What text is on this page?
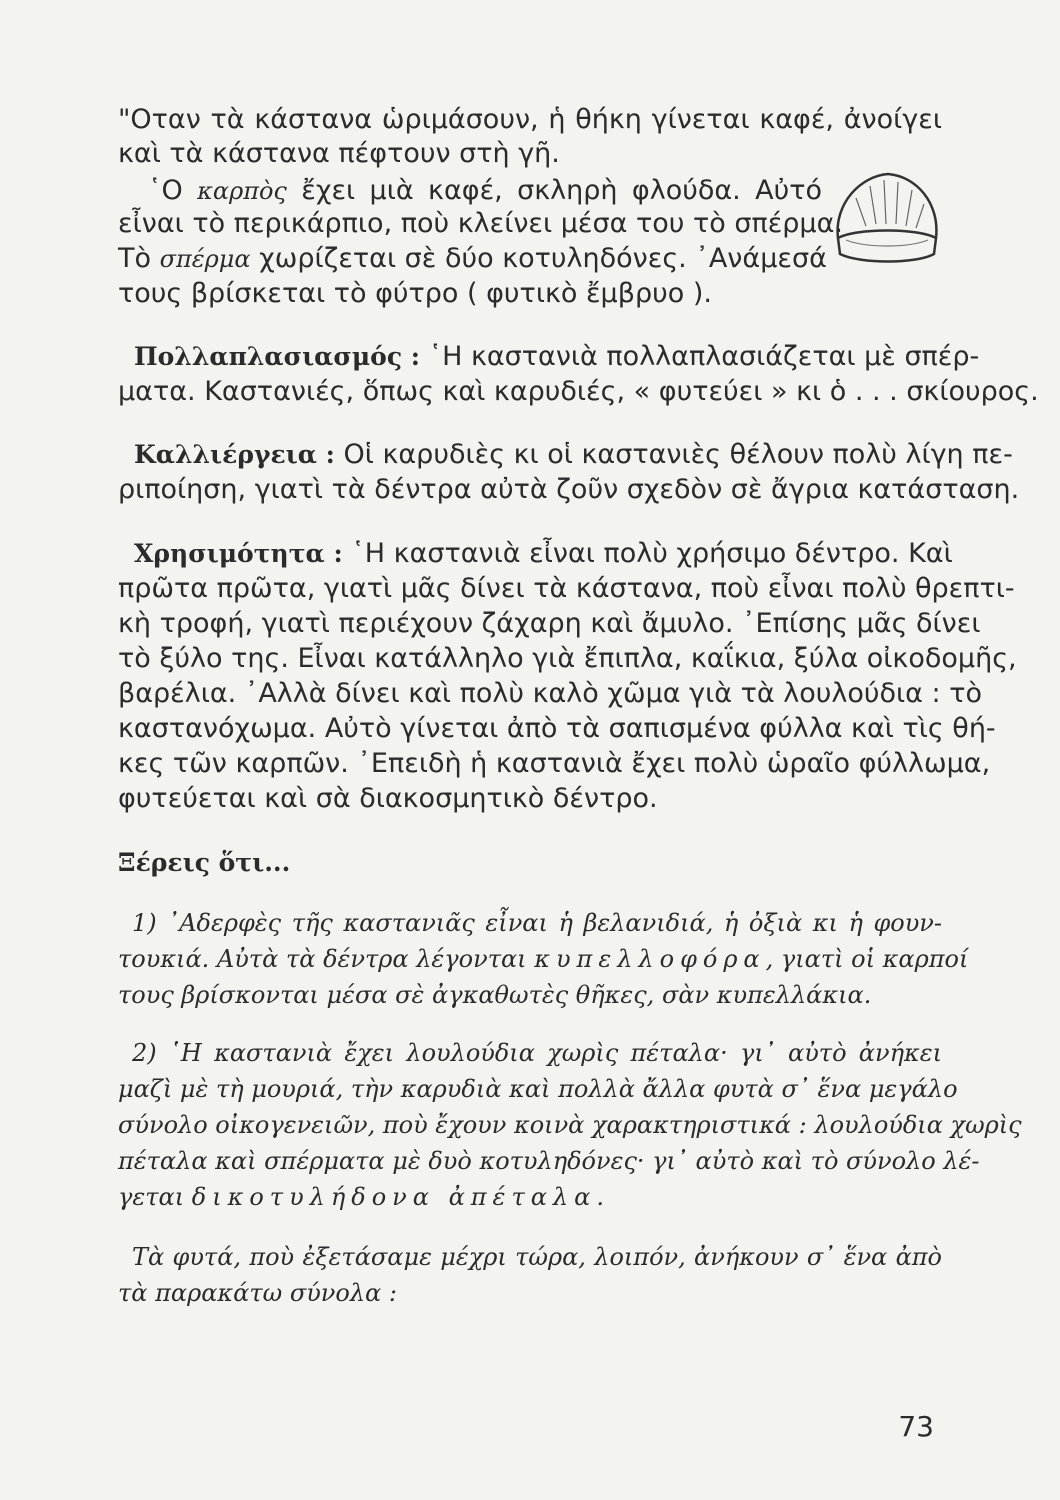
"Οταν τὰ κάστανα ὡριμάσουν, ἡ θήκη γίνεται καφέ, ἀνοίγει
καὶ τὰ κάστανα πέφτουν στὴ γῆ.
῾Ο καρπὸς ἔχει μιὰ καφέ, σκληρὴ φλούδα. Αὐτό
εἶναι τὸ περικάρπιο, ποὺ κλείνει μέσα του τὸ σπέρμα.
Τὸ σπέρμα χωρίζεται σὲ δύο κοτυληδόνες. ᾿Ανάμεσά
τους βρίσκεται τὸ φύτρο ( φυτικὸ ἔμβρυο ).
Πολλαπλασιασμός : ῾Η καστανιὰ πολλαπλασιάζεται μὲ σπέρ-
ματα. Καστανιές, ὅπως καὶ καρυδιές, « φυτεύει » κι ὁ . . . σκίουρος.
Καλλιέργεια : Οἱ καρυδιὲς κι οἱ καστανιὲς θέλουν πολὺ λίγη πε-
ριποίηση, γιατὶ τὰ δέντρα αὐτὰ ζοῦν σχεδὸν σὲ ἄγρια κατάσταση.
Χρησιμότητα : ῾Η καστανιὰ εἶναι πολὺ χρήσιμο δέντρο. Καὶ
πρῶτα πρῶτα, γιατὶ μᾶς δίνει τὰ κάστανα, ποὺ εἶναι πολὺ θρεπτι-
κὴ τροφή, γιατὶ περιέχουν ζάχαρη καὶ ἄμυλο. ᾿Επίσης μᾶς δίνει
τὸ ξύλο της. Εἶναι κατάλληλο γιὰ ἔπιπλα, καΐκια, ξύλα οἰκοδομῆς,
βαρέλια. ᾿Αλλὰ δίνει καὶ πολὺ καλὸ χῶμα γιὰ τὰ λουλούδια : τὸ
καστανόχωμα. Αὐτὸ γίνεται ἀπὸ τὰ σαπισμένα φύλλα καὶ τὶς θή-
κες τῶν καρπῶν. ᾿Επειδὴ ἡ καστανιὰ ἔχει πολὺ ὡραῖο φύλλωμα,
φυτεύεται καὶ σὰ διακοσμητικὸ δέντρο.
Ξέρεις ὅτι...
1) ᾿Αδερφὲς τῆς καστανιᾶς εἶναι ἡ βελανιδιά, ἡ ὀξιὰ κι ἡ φουν-
τουκιά. Αὐτὰ τὰ δέντρα λέγονται κυπελλοφόρα, γιατὶ οἱ καρποί
τους βρίσκονται μέσα σὲ ἀγκαθωτὲς θῆκες, σὰν κυπελλάκια.
2) ῾Η καστανιὰ ἔχει λουλούδια χωρὶς πέταλα· γι᾿ αὐτὸ ἀνήκει
μαζὶ μὲ τὴ μουριά, τὴν καρυδιὰ καὶ πολλὰ ἄλλα φυτὰ σ᾿ ἕνα μεγάλο
σύνολο οἰκογενειῶν, ποὺ ἔχουν κοινὰ χαρακτηριστικά : λουλούδια χωρὶς
πέταλα καὶ σπέρματα μὲ δυὸ κοτυληδόνες· γι᾿ αὐτὸ καὶ τὸ σύνολο λέ-
γεται δικοτυλήδονα ἀπέταλα.
Τὰ φυτά, ποὺ ἐξετάσαμε μέχρι τώρα, λοιπόν, ἀνήκουν σ᾿ ἕνα ἀπὸ
τὰ παρακάτω σύνολα :
73
